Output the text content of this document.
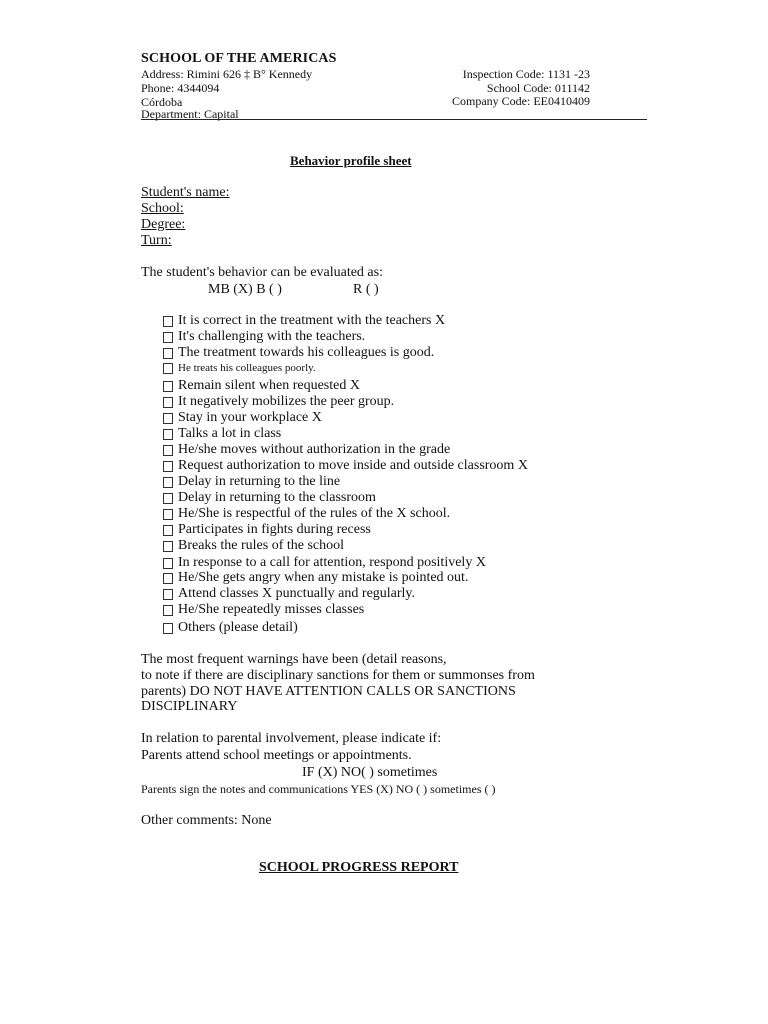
SCHOOL OF THE AMERICAS
Address: Rimini 626 ‡ B° Kennedy
Phone: 4344094
Córdoba
Department: Capital
Inspection Code: 1131 -23
School Code: 011142
Company Code: EE0410409
Behavior profile sheet
Student's name:
School:
Degree:
Turn:
The student's behavior can be evaluated as:
MB (X) B ( )	R ( )
It is correct in the treatment with the teachers X
It's challenging with the teachers.
The treatment towards his colleagues is good.
He treats his colleagues poorly.
Remain silent when requested X
It negatively mobilizes the peer group.
Stay in your workplace X
Talks a lot in class
He/she moves without authorization in the grade
Request authorization to move inside and outside classroom X
Delay in returning to the line
Delay in returning to the classroom
He/She is respectful of the rules of the X school.
Participates in fights during recess
Breaks the rules of the school
In response to a call for attention, respond positively X
He/She gets angry when any mistake is pointed out.
Attend classes X punctually and regularly.
He/She repeatedly misses classes
Others (please detail)
The most frequent warnings have been (detail reasons,
to note if there are disciplinary sanctions for them or summonses from
parents) DO NOT HAVE ATTENTION CALLS OR SANCTIONS
DISCIPLINARY
In relation to parental involvement, please indicate if:
Parents attend school meetings or appointments.
IF (X) NO( ) sometimes
Parents sign the notes and communications YES (X) NO ( ) sometimes ( )
Other comments: None
SCHOOL PROGRESS REPORT
